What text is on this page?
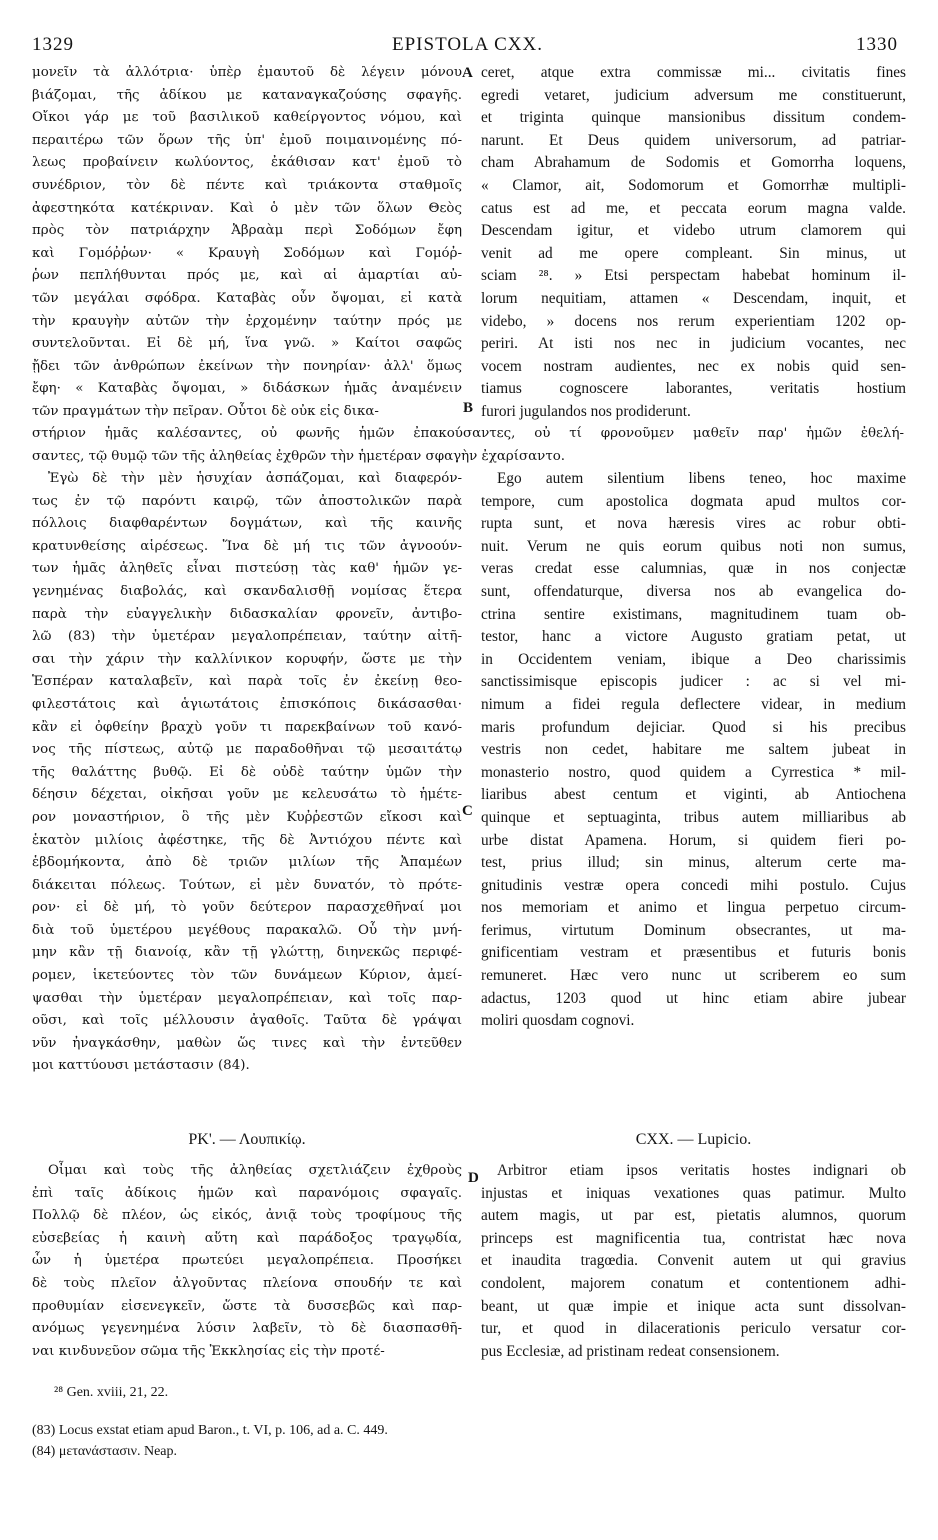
1329	EPISTOLA CXX.	1330
μονεῖν τὰ ἀλλότρια· ὑπὲρ ἐμαυτοῦ δὲ λέγειν μόνου
βιάζομαι, τῆς ἀδίκου με καταναγκαζούσης σφαγῆς.
Οἴκοι γάρ με τοῦ βασιλικοῦ καθείργοντος νόμου, καὶ
περαιτέρω τῶν ὅρων τῆς ὑπ' ἐμοῦ ποιμαινομένης πό-
λεως προβαίνειν κωλύοντος, ἐκάθισαν κατ' ἐμοῦ τὸ
συνέδριον, τὸν δὲ πέντε καὶ τριάκοντα σταθμοῖς
ἀφεστηκότα κατέκριναν. Καὶ ὁ μὲν τῶν ὅλων Θεὸς
πρὸς τὸν πατριάρχην Ἀβραὰμ περὶ Σοδόμων ἔφη
καὶ Γομόῤῥων· « Κραυγὴ Σοδόμων καὶ Γομόῤ-
ῥων πεπλήθυνται πρός με, καὶ αἱ ἁμαρτίαι αὐ-
τῶν μεγάλαι σφόδρα. Καταβὰς οὖν ὄψομαι, εἰ κατὰ
τὴν κραυγὴν αὐτῶν τὴν ἐρχομένην ταύτην πρός με
συντελοῦνται. Εἰ δὲ μή, ἵνα γνῶ. » Καίτοι σαφῶς
ᾔδει τῶν ἀνθρώπων ἐκείνων τὴν πονηρίαν· ἀλλ' ὅμως
ἔφη· « Καταβὰς ὄψομαι, » διδάσκων ἡμᾶς ἀναμένειν
τῶν πραγμάτων τὴν πεῖραν. Οὗτοι δὲ οὐκ εἰς δικα-
ceret, atque extra commissæ mi... civitatis fines
egredi vetaret, judicium adversum me constituerunt,
et triginta quinque mansionibus dissitum condem-
narunt. Et Deus quidem universorum, ad patriar-
cham Abrahamum de Sodomis et Gomorrha loquens,
« Clamor, ait, Sodomorum et Gomorrhæ multipli-
catus est ad me, et peccata eorum magna valde.
Descendam igitur, et videbo utrum clamorem qui
venit ad me opere compleant. Sin minus, ut
sciam ²⁸. » Etsi perspectam habebat hominum il-
lorum nequitiam, attamen « Descendam, inquit, et
videbo, » docens nos rerum experientiam 1202 op-
periri. At isti nos nec in judicium vocantes, nec
vocem nostram audientes, nec ex nobis quid sen-
tiamus cognoscere laborantes, veritatis hostium
furori jugulandos nos prodiderunt.
στήριον ἡμᾶς καλέσαντες, οὐ φωνῆς ἡμῶν ἐπακούσαντες, οὐ τί φρονοῦμεν μαθεῖν παρ' ἡμῶν ἐθελή-
σαντες, τῷ θυμῷ τῶν τῆς ἀληθείας ἐχθρῶν τὴν ἡμετέραν σφαγὴν ἐχαρίσαντο.
Ἐγὼ δὲ τὴν μὲν ἡσυχίαν ἀσπάζομαι, καὶ διαφερόν-
τως ἐν τῷ παρόντι καιρῷ, τῶν ἀποστολικῶν παρὰ
πόλλοις διαφθαρέντων δογμάτων, καὶ τῆς καινῆς
κρατυνθείσης αἱρέσεως. Ἵνα δὲ μή τις τῶν ἀγνοούν-
των ἡμᾶς ἀληθεῖς εἶναι πιστεύσῃ τὰς καθ' ἡμῶν γε-
γενημένας διαβολάς, καὶ σκανδαλισθῇ νομίσας ἕτερα
παρὰ τὴν εὐαγγελικὴν διδασκαλίαν φρονεῖν, ἀντιβο-
λῶ (83) τὴν ὑμετέραν μεγαλοπρέπειαν, ταύτην αἰτῆ-
σαι τὴν χάριν τὴν καλλίνικον κορυφήν, ὥστε με τὴν
Ἑσπέραν καταλαβεῖν, καὶ παρὰ τοῖς ἐν ἐκείνῃ θεο-
φιλεστάτοις καὶ ἁγιωτάτοις ἐπισκόποις δικάσασθαι·
κἂν εἰ ὀφθείην βραχὺ γοῦν τι παρεκβαίνων τοῦ κανό-
νος τῆς πίστεως, αὐτῷ με παραδοθῆναι τῷ μεσαιτάτῳ
τῆς θαλάττης βυθῷ. Εἰ δὲ οὐδὲ ταύτην ὑμῶν τὴν
δέησιν δέχεται, οἰκῆσαι γοῦν με κελευσάτω τὸ ἡμέτε-
ρον μοναστήριον, ὃ τῆς μὲν Κυῤῥεστῶν εἴκοσι καὶ
ἑκατὸν μιλίοις ἀφέστηκε, τῆς δὲ Ἀντιόχου πέντε καὶ
ἑβδομήκοντα, ἀπὸ δὲ τριῶν μιλίων τῆς Ἀπαμέων
διάκειται πόλεως. Τούτων, εἰ μὲν δυνατόν, τὸ πρότε-
ρον· εἰ δὲ μή, τὸ γοῦν δεύτερον παρασχεθῆναί μοι
διὰ τοῦ ὑμετέρου μεγέθους παρακαλῶ. Οὗ τὴν μνή-
μην κἂν τῇ διανοίᾳ, κἂν τῇ γλώττῃ, διηνεκῶς περιφέ-
ρομεν, ἱκετεύοντες τὸν τῶν δυνάμεων Κύριον, ἀμεί-
ψασθαι τὴν ὑμετέραν μεγαλοπρέπειαν, καὶ τοῖς παρ-
οῦσι, καὶ τοῖς μέλλουσιν ἀγαθοῖς. Ταῦτα δὲ γράψαι
νῦν ἠναγκάσθην, μαθὼν ὥς τινες καὶ τὴν ἐντεῦθεν
μοι καττύουσι μετάστασιν (84).
Ego autem silentium libens teneo, hoc maxime
tempore, cum apostolica dogmata apud multos cor-
rupta sunt, et nova hæresis vires ac robur obti-
nuit. Verum ne quis eorum quibus noti non sumus,
veras credat esse calumnias, quæ in nos conjectæ
sunt, offendaturque, diversa nos ab evangelica do-
ctrina sentire existimans, magnitudinem tuam ob-
testor, hanc a victore Augusto gratiam petat, ut
in Occidentem veniam, ibique a Deo charissimis
sanctissimisque episcopis judicer : ac si vel mi-
nimum a fidei regula deflectere videar, in medium
maris profundum dejiciar. Quod si his precibus
vestris non cedet, habitare me saltem jubeat in
monasterio nostro, quod quidem a Cyrrestica * mil-
liaribus abest centum et viginti, ab Antiochena
quinque et septuaginta, tribus autem milliaribus ab
urbe distat Apamena. Horum, si quidem fieri po-
test, prius illud; sin minus, alterum certe ma-
gnitudinis vestræ opera concedi mihi postulo. Cujus
nos memoriam et animo et lingua perpetuo circum-
ferimus, virtutum Dominum obsecrantes, ut ma-
gnificentiam vestram et præsentibus et futuris bonis
remuneret. Hæc vero nunc ut scriberem eo sum
adactus, 1203 quod ut hinc etiam abire jubear
moliri quosdam cognovi.
ΡΚ'. — Λουπικίῳ.	CXX. — Lupicio.
Οἶμαι καὶ τοὺς τῆς ἀληθείας σχετλιάζειν ἐχθροὺς
ἐπὶ ταῖς ἀδίκοις ἡμῶν καὶ παρανόμοις σφαγαῖς.
Πολλῷ δὲ πλέον, ὡς εἰκός, ἀνιᾷ τοὺς τροφίμους τῆς
εὐσεβείας ἡ καινὴ αὕτη καὶ παράδοξος τραγῳδία,
ὧν ἡ ὑμετέρα πρωτεύει μεγαλοπρέπεια. Προσήκει
δὲ τοὺς πλεῖον ἀλγοῦντας πλείονα σπουδήν τε καὶ
προθυμίαν εἰσενεγκεῖν, ὥστε τὰ δυσσεβῶς καὶ παρ-
ανόμως γεγενημένα λύσιν λαβεῖν, τὸ δὲ διασπασθῆ-
ναι κινδυνεῦον σῶμα τῆς Ἐκκλησίας εἰς τὴν προτέ-
Arbitror etiam ipsos veritatis hostes indignari ob
injustas et iniquas vexationes quas patimur. Multo
autem magis, ut par est, pietatis alumnos, quorum
princeps est magnificentia tua, contristat hæc nova
et inaudita tragœdia. Convenit autem ut qui gravius
condolent, majorem conatum et contentionem adhi-
beant, ut quæ impie et inique acta sunt dissolvan-
tur, et quod in dilacerationis periculo versatur cor-
pus Ecclesiæ, ad pristinam redeat consensionem.
A
B
C
D
²⁸ Gen. xviii, 21, 22.
(83) Locus exstat etiam apud Baron., t. VI, p. 106, ad a. C. 449.
(84) μετανάστασιν. Neap.
